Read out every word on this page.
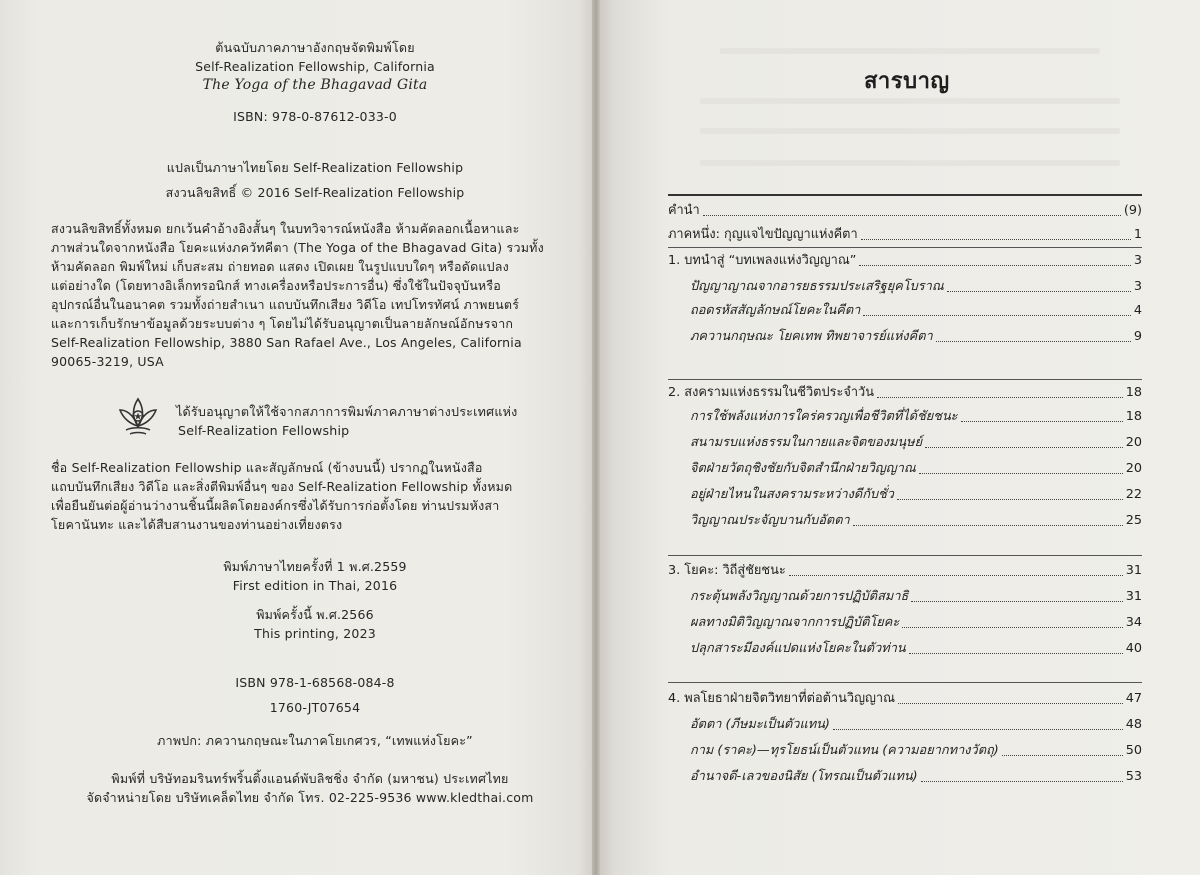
ต้นฉบับภาคภาษาอังกฤษจัดพิมพ์โดย
Self-Realization Fellowship, California
The Yoga of the Bhagavad Gita
ISBN: 978-0-87612-033-0
แปลเป็นภาษาไทยโดย Self-Realization Fellowship
สงวนลิขสิทธิ์ © 2016 Self-Realization Fellowship
สงวนลิขสิทธิ์ทั้งหมด ยกเว้นคำอ้างอิงสั้นๆ ในบทวิจารณ์หนังสือ ห้ามคัดลอกเนื้อหาและ
ภาพส่วนใดจากหนังสือ โยคะแห่งภควัทคีตา (The Yoga of the Bhagavad Gita) รวมทั้ง
ห้ามคัดลอก พิมพ์ใหม่ เก็บสะสม ถ่ายทอด แสดง เปิดเผย ในรูปแบบใดๆ หรือดัดแปลง
แต่อย่างใด (โดยทางอิเล็กทรอนิกส์ ทางเครื่องหรือประการอื่น) ซึ่งใช้ในปัจจุบันหรือ
อุปกรณ์อื่นในอนาคต รวมทั้งถ่ายสำเนา แถบบันทึกเสียง วิดีโอ เทปโทรทัศน์ ภาพยนตร์
และการเก็บรักษาข้อมูลด้วยระบบต่าง ๆ โดยไม่ได้รับอนุญาตเป็นลายลักษณ์อักษรจาก
Self-Realization Fellowship, 3880 San Rafael Ave., Los Angeles, California
90065-3219, USA
ได้รับอนุญาตให้ใช้จากสภาการพิมพ์ภาคภาษาต่างประเทศแห่ง
Self-Realization Fellowship
ชื่อ Self-Realization Fellowship และสัญลักษณ์ (ข้างบนนี้) ปรากฏในหนังสือ
แถบบันทึกเสียง วิดีโอ และสิ่งตีพิมพ์อื่นๆ ของ Self-Realization Fellowship ทั้งหมด
เพื่อยืนยันต่อผู้อ่านว่างานชิ้นนี้ผลิตโดยองค์กรซึ่งได้รับการก่อตั้งโดย ท่านปรมหังสา
โยคานันทะ และได้สืบสานงานของท่านอย่างเที่ยงตรง
พิมพ์ภาษาไทยครั้งที่ 1 พ.ศ.2559
First edition in Thai, 2016
พิมพ์ครั้งนี้ พ.ศ.2566
This printing, 2023
ISBN 978-1-68568-084-8
1760-JT07654
ภาพปก: ภควานกฤษณะในภาคโยเกศวร, “เทพแห่งโยคะ”
พิมพ์ที่ บริษัทอมรินทร์พริ้นติ้งแอนด์พับลิชชิ่ง จำกัด (มหาชน) ประเทศไทย
จัดจำหน่ายโดย บริษัทเคล็ดไทย จำกัด โทร. 02-225-9536 www.kledthai.com
สารบาญ
คำนำ	(9)
ภาคหนึ่ง: กุญแจไขปัญญาแห่งคีตา	1
1. บทนำสู่ “บทเพลงแห่งวิญญาณ”	3
ปัญญาญาณจากอารยธรรมประเสริฐยุคโบราณ	3
ถอดรหัสสัญลักษณ์โยคะในคีตา	4
ภควานกฤษณะ โยคเทพ ทิพยาจารย์แห่งคีตา	9
2. สงครามแห่งธรรมในชีวิตประจำวัน	18
การใช้พลังแห่งการใคร่ครวญเพื่อชีวิตที่ได้ชัยชนะ	18
สนามรบแห่งธรรมในกายและจิตของมนุษย์	20
จิตฝ่ายวัตถุชิงชัยกับจิตสำนึกฝ่ายวิญญาณ	20
อยู่ฝ่ายไหนในสงครามระหว่างดีกับชั่ว	22
วิญญาณประจัญบานกับอัตตา	25
3. โยคะ: วิถีสู่ชัยชนะ	31
กระตุ้นพลังวิญญาณด้วยการปฏิบัติสมาธิ	31
ผลทางมิติวิญญาณจากการปฏิบัติโยคะ	34
ปลุกสาระมีองค์แปดแห่งโยคะในตัวท่าน	40
4. พลโยธาฝ่ายจิตวิทยาที่ต่อต้านวิญญาณ	47
อัตตา (ภีษมะเป็นตัวแทน)	48
กาม (ราคะ)—ทุรโยธน์เป็นตัวแทน (ความอยากทางวัตถุ)	50
อำนาจดี-เลวของนิสัย (โทรณเป็นตัวแทน)	53
